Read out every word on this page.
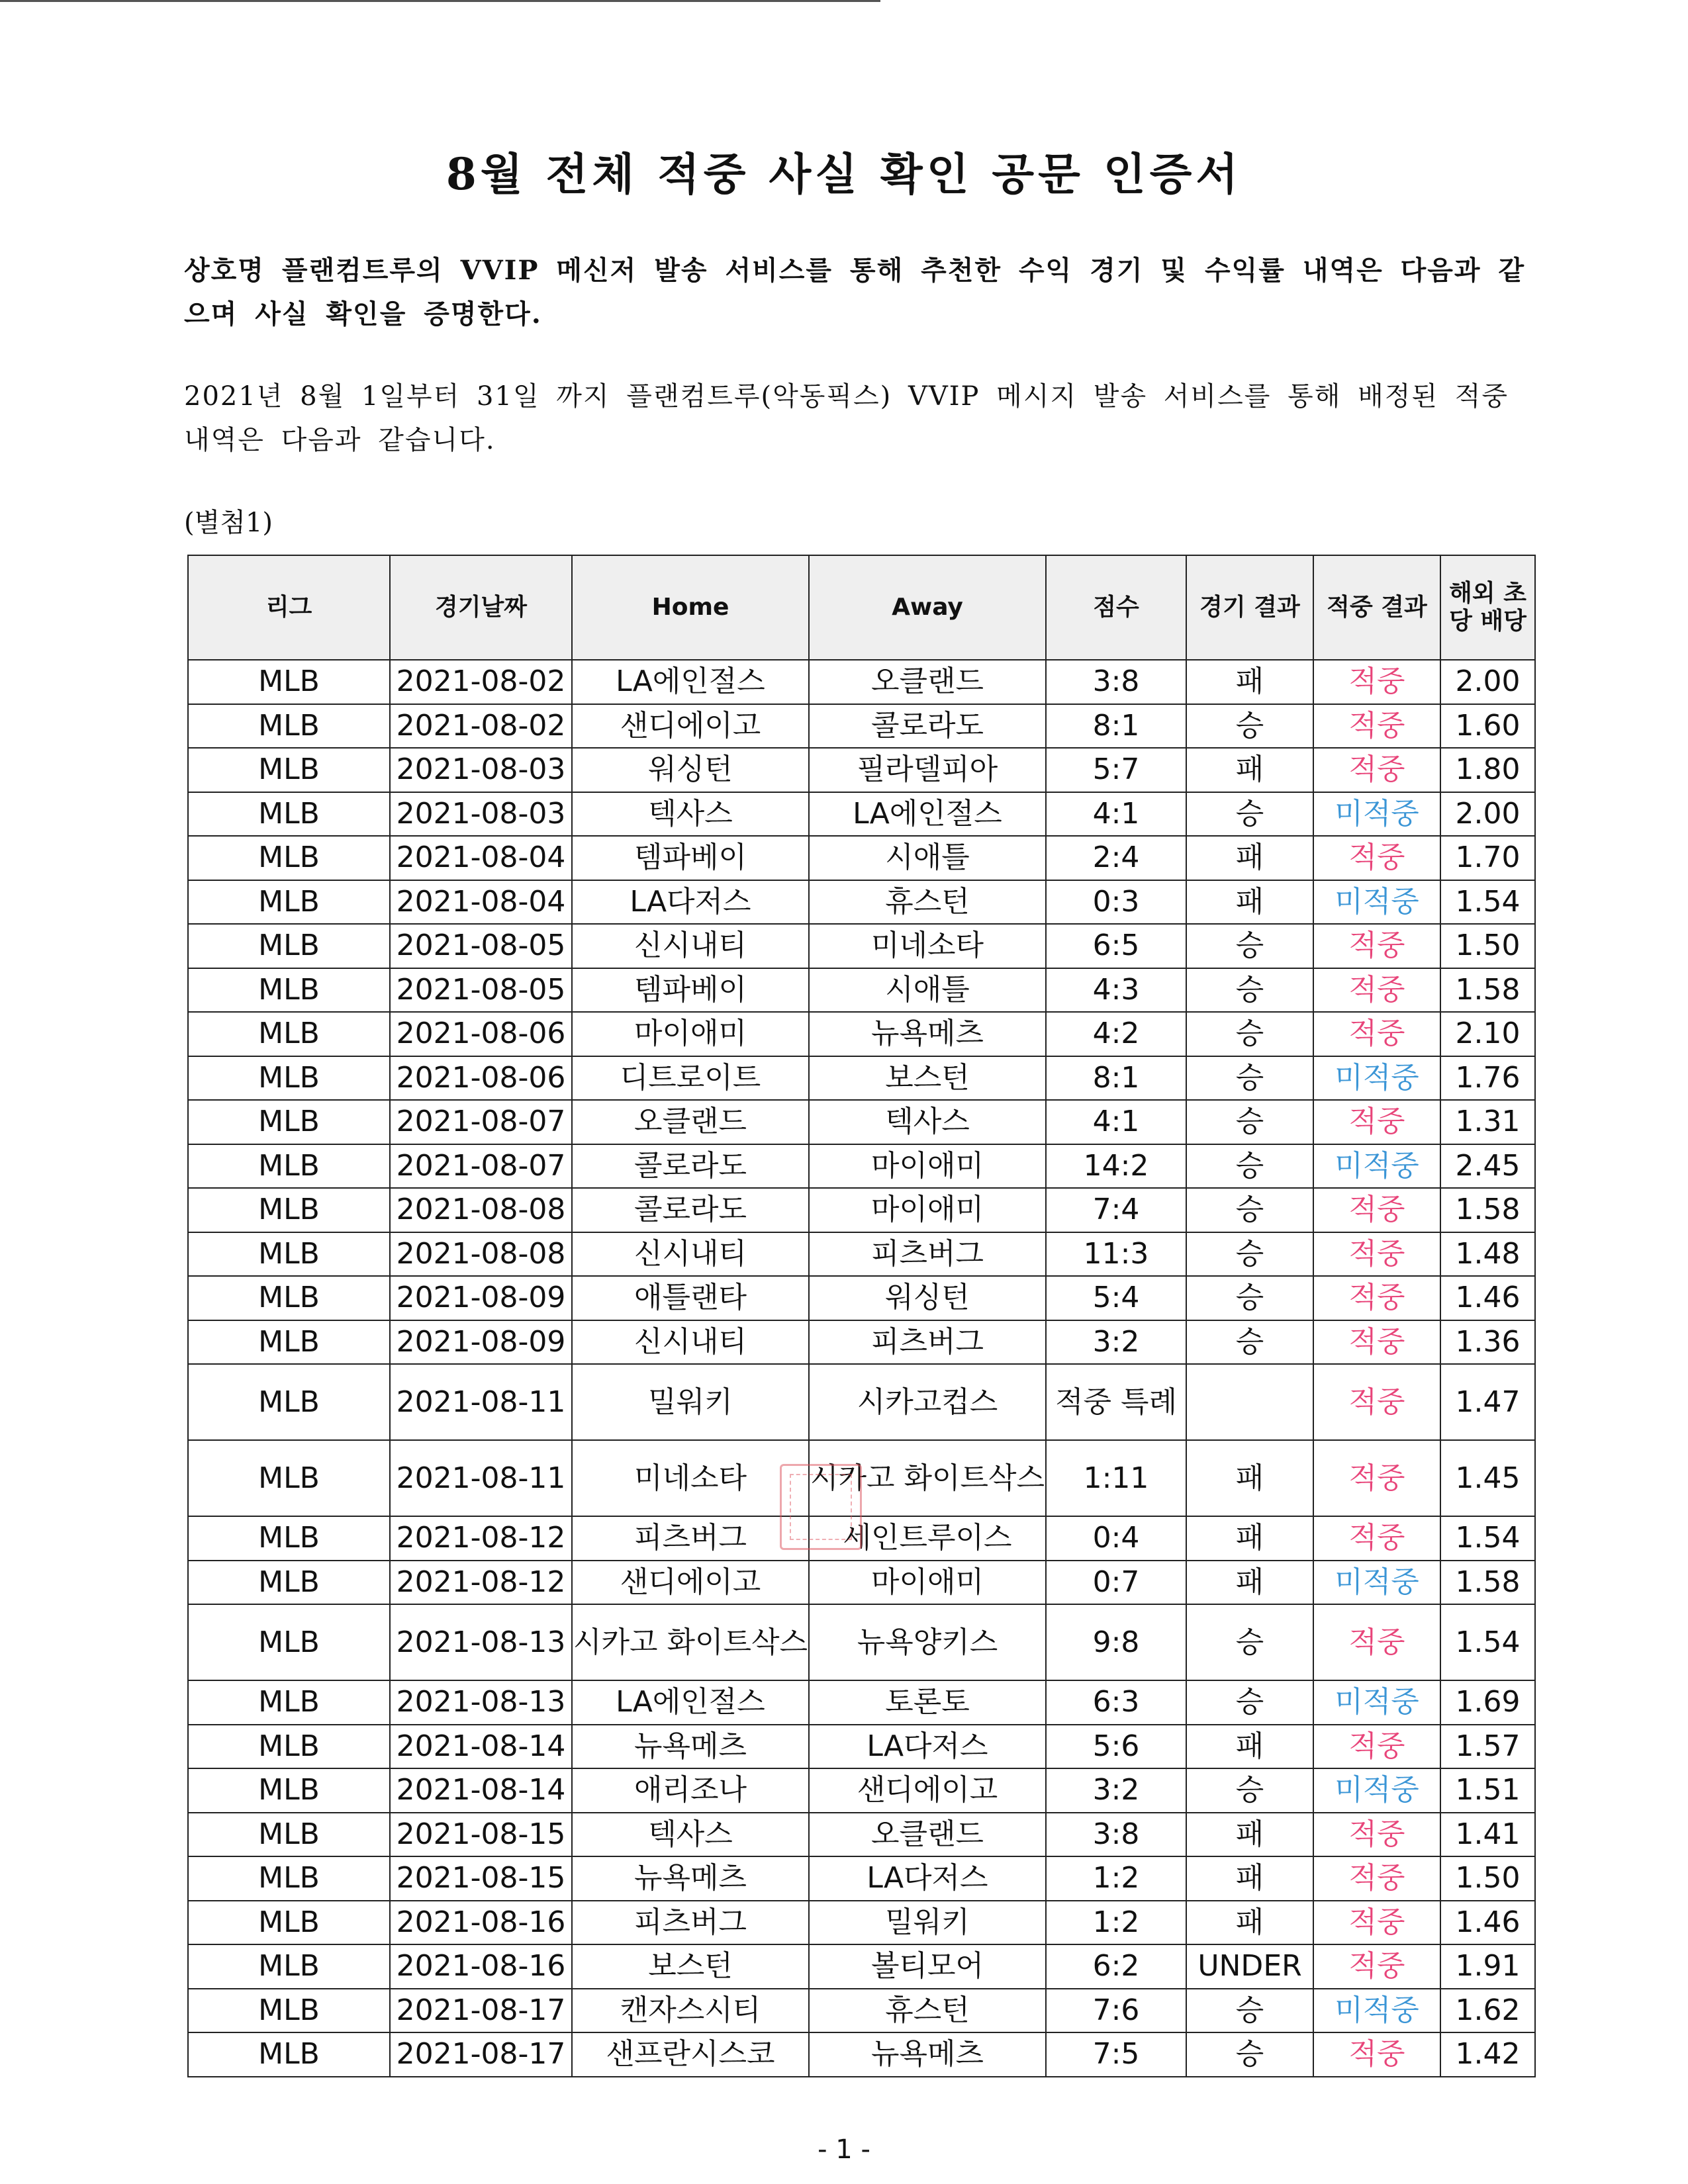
8월 전체 적중 사실 확인 공문 인증서
상호명 플랜컴트루의 VVIP 메신저 발송 서비스를 통해 추천한 수익 경기 및 수익률 내역은 다음과 같으며 사실 확인을 증명한다.
2021년 8월 1일부터 31일 까지 플랜컴트루(악동픽스) VVIP 메시지 발송 서비스를 통해 배정된 적중 내역은 다음과 같습니다.
(별첨1)
리그	경기날짜	Home	Away	점수	경기 결과	적중 결과	해외 초당 배당
MLB	2021-08-02	LA에인절스	오클랜드	3:8	패	적중	2.00
MLB	2021-08-02	샌디에이고	콜로라도	8:1	승	적중	1.60
MLB	2021-08-03	워싱턴	필라델피아	5:7	패	적중	1.80
MLB	2021-08-03	텍사스	LA에인절스	4:1	승	미적중	2.00
MLB	2021-08-04	템파베이	시애틀	2:4	패	적중	1.70
MLB	2021-08-04	LA다저스	휴스턴	0:3	패	미적중	1.54
MLB	2021-08-05	신시내티	미네소타	6:5	승	적중	1.50
MLB	2021-08-05	템파베이	시애틀	4:3	승	적중	1.58
MLB	2021-08-06	마이애미	뉴욕메츠	4:2	승	적중	2.10
MLB	2021-08-06	디트로이트	보스턴	8:1	승	미적중	1.76
MLB	2021-08-07	오클랜드	텍사스	4:1	승	적중	1.31
MLB	2021-08-07	콜로라도	마이애미	14:2	승	미적중	2.45
MLB	2021-08-08	콜로라도	마이애미	7:4	승	적중	1.58
MLB	2021-08-08	신시내티	피츠버그	11:3	승	적중	1.48
MLB	2021-08-09	애틀랜타	워싱턴	5:4	승	적중	1.46
MLB	2021-08-09	신시내티	피츠버그	3:2	승	적중	1.36
MLB	2021-08-11	밀워키	시카고컵스	적중 특례		적중	1.47
MLB	2021-08-11	미네소타	시카고 화이트삭스	1:11	패	적중	1.45
MLB	2021-08-12	피츠버그	세인트루이스	0:4	패	적중	1.54
MLB	2021-08-12	샌디에이고	마이애미	0:7	패	미적중	1.58
MLB	2021-08-13	시카고 화이트삭스	뉴욕양키스	9:8	승	적중	1.54
MLB	2021-08-13	LA에인절스	토론토	6:3	승	미적중	1.69
MLB	2021-08-14	뉴욕메츠	LA다저스	5:6	패	적중	1.57
MLB	2021-08-14	애리조나	샌디에이고	3:2	승	미적중	1.51
MLB	2021-08-15	텍사스	오클랜드	3:8	패	적중	1.41
MLB	2021-08-15	뉴욕메츠	LA다저스	1:2	패	적중	1.50
MLB	2021-08-16	피츠버그	밀워키	1:2	패	적중	1.46
MLB	2021-08-16	보스턴	볼티모어	6:2	UNDER	적중	1.91
MLB	2021-08-17	캔자스시티	휴스턴	7:6	승	미적중	1.62
MLB	2021-08-17	샌프란시스코	뉴욕메츠	7:5	승	적중	1.42
- 1 -
